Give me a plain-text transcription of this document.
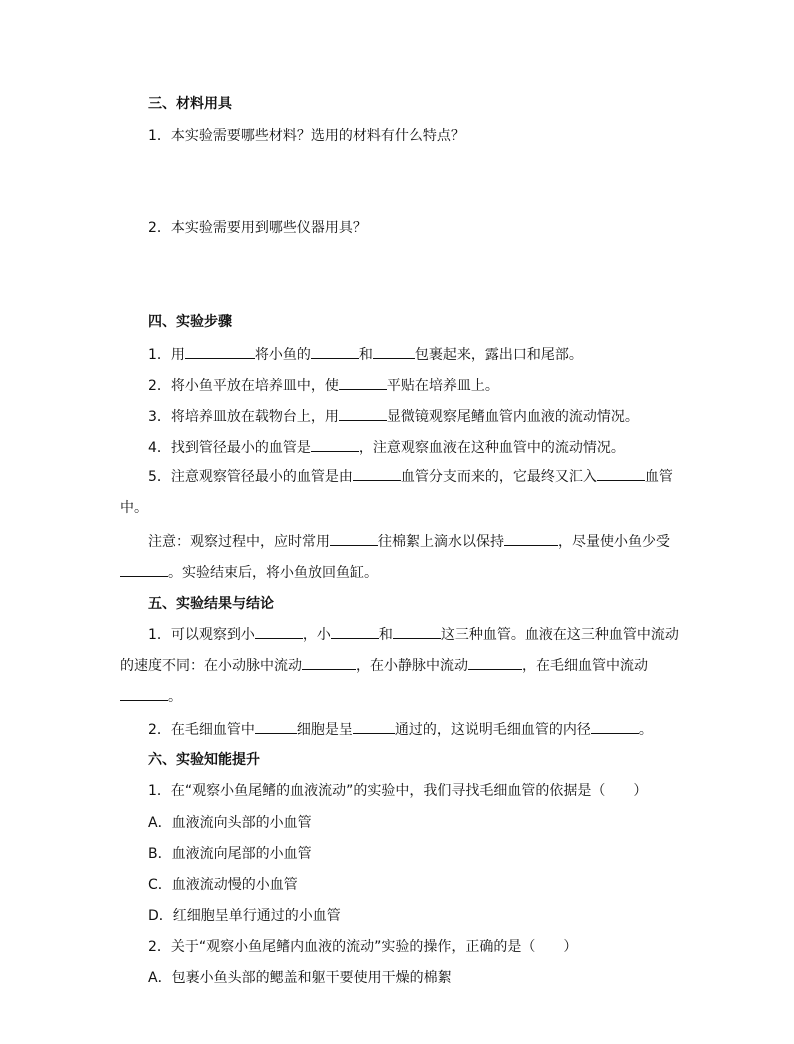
三、材料用具
1．本实验需要哪些材料？选用的材料有什么特点？
2．本实验需要用到哪些仪器用具？
四、实验步骤
1．用	将小鱼的	和	包裹起来，露出口和尾部。
2．将小鱼平放在培养皿中，使	平贴在培养皿上。
3．将培养皿放在载物台上，用	显微镜观察尾鳍血管内血液的流动情况。
4．找到管径最小的血管是	，注意观察血液在这种血管中的流动情况。
5．注意观察管径最小的血管是由	血管分支而来的，它最终又汇入	血管中。
注意：观察过程中，应时常用	往棉絮上滴水以保持	，尽量使小鱼少受。实验结束后，将小鱼放回鱼缸。
五、实验结果与结论
1．可以观察到小	，小	和	这三种血管。血液在这三种血管中流动的速度不同：在小动脉中流动	，在小静脉中流动	，在毛细血管中流动。
2．在毛细血管中	细胞是呈	通过的，这说明毛细血管的内径	。
六、实验知能提升
1．在“观察小鱼尾鳍的血液流动”的实验中，我们寻找毛细血管的依据是（　　）
A．血液流向头部的小血管
B．血液流向尾部的小血管
C．血液流动慢的小血管
D．红细胞呈单行通过的小血管
2．关于“观察小鱼尾鳍内血液的流动”实验的操作，正确的是（　　）
A．包裹小鱼头部的鳃盖和躯干要使用干燥的棉絮
